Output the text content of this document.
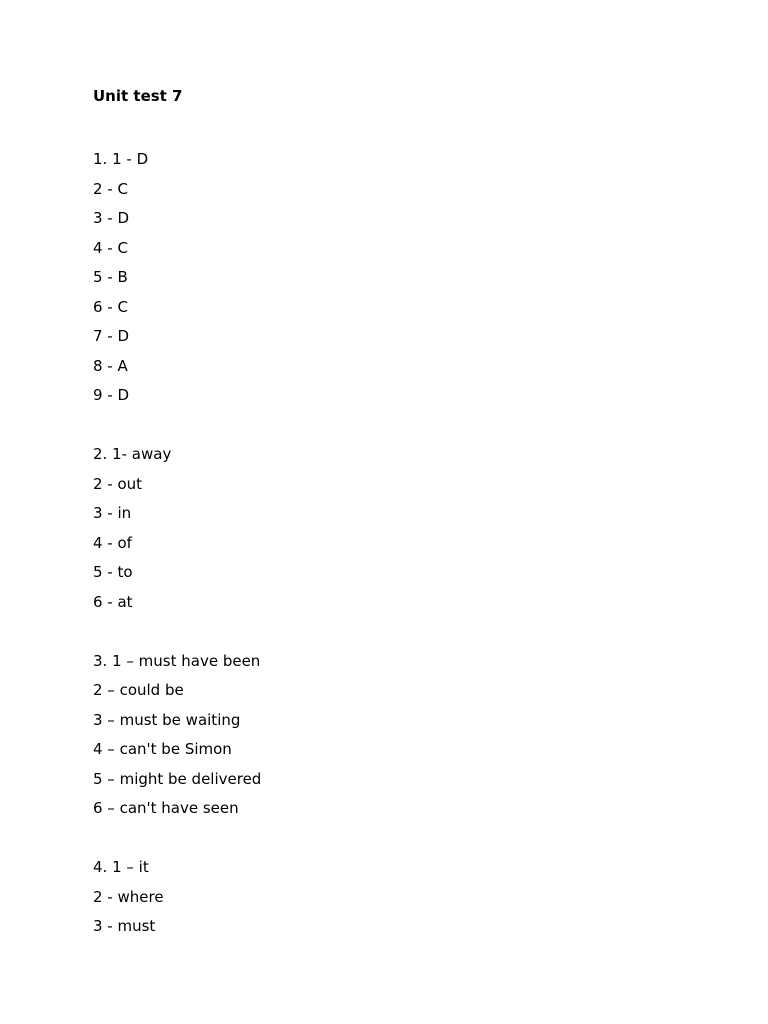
Unit test 7
1. 1 - D
2 - C
3 - D
4 - C
5 - B
6 - C
7 - D
8 - A
9 - D
2. 1- away
2 - out
3 - in
4 - of
5 - to
6 - at
3. 1 – must have been
2 – could be
3 – must be waiting
4 – can't be Simon
5 – might be delivered
6 – can't have seen
4. 1 – it
2 - where
3 - must
